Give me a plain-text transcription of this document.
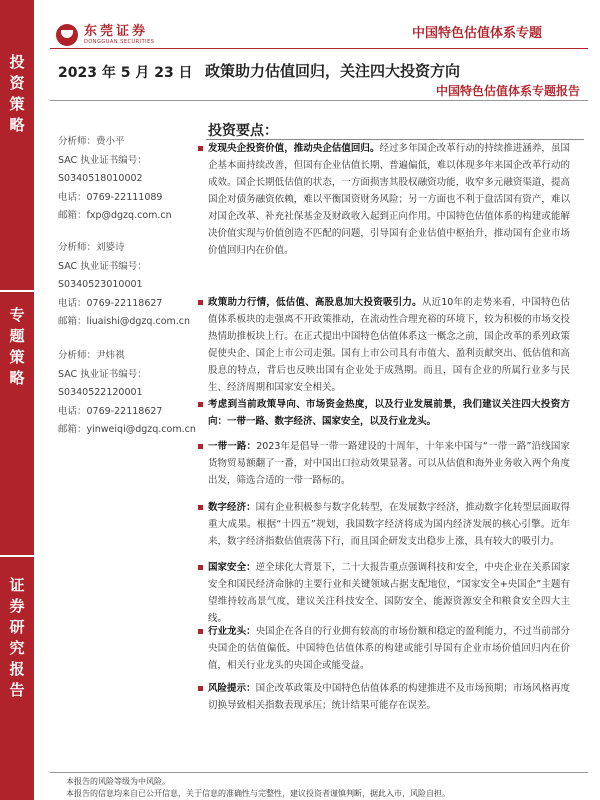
投
资
策
略
专
题
策
略
证
券
研
究
报
告
东莞证券
DONGGUAN SECURITIES
中国特色估值体系专题
2023 年 5 月 23 日 政策助力估值回归，关注四大投资方向
中国特色估值体系专题报告
分析师：费小平
SAC 执业证书编号：
S0340518010002
电话：0769-22111089
邮箱：fxp@dgzq.com.cn
分析师：刘婆诗
SAC 执业证书编号：
S0340523010001
电话：0769-22118627
邮箱：liuaishi@dgzq.com.cn
分析师：尹炜祺
SAC 执业证书编号：
S0340522120001
电话：0769-22118627
邮箱：yinweiqi@dgzq.com.cn
投资要点：
发现央企投资价值，推动央企估值回归。经过多年国企改革行动的持续推进涵养，虽国企基本面持续改善，但国有企业估值长期、普遍偏低，难以体现多年来国企改革行动的成效。国企长期低估值的状态，一方面损害其股权融资功能，收窄多元融资渠道，提高国企对债务融资依赖，难以平衡国资财务风险；另一方面也不利于盘活国有资产，难以对国企改革、补充社保基金及财政收入起到正向作用。中国特色估值体系的构建或能解决价值实现与价值创造不匹配的问题，引导国有企业估值中枢抬升，推动国有企业市场价值回归内在价值。
政策助力行情，低估值、高股息加大投资吸引力。从近10年的走势来看，中国特色估值体系板块的走强离不开政策推动，在流动性合理充裕的环境下，较为积极的市场交投热情助推板块上行。在正式提出中国特色估值体系这一概念之前，国企改革的系列政策促使央企、国企上市公司走强。国有上市公司具有市值大、盈利贡献突出、低估值和高股息的特点，背后也反映出国有企业处于成熟期。而且，国有企业的所属行业多与民生、经济周期和国家安全相关。
考虑到当前政策导向、市场资金热度，以及行业发展前景，我们建议关注四大投资方向：一带一路、数字经济、国家安全，以及行业龙头。
一带一路：2023年是倡导一带一路建设的十周年，十年来中国与“一带一路”沿线国家货物贸易额翻了一番，对中国出口拉动效果显著。可以从估值和海外业务收入两个角度出发，筛选合适的一带一路标的。
数字经济：国有企业积极参与数字化转型，在发展数字经济，推动数字化转型层面取得重大成果。根据“十四五”规划，我国数字经济将成为国内经济发展的核心引擎。近年来，数字经济指数估值震荡下行，而且国企研发支出稳步上涨，具有较大的吸引力。
国家安全：逆全球化大背景下，二十大报告重点强调科技和安全，中央企业在关系国家安全和国民经济命脉的主要行业和关键领域占据支配地位，“国家安全+央国企”主题有望维持较高景气度，建议关注科技安全、国防安全、能源资源安全和粮食安全四大主线。
行业龙头：央国企在各自的行业拥有较高的市场份额和稳定的盈利能力，不过当前部分央国企的估值偏低。中国特色估值体系的构建或能引导国有企业市场价值回归内在价值，相关行业龙头的央国企或能受益。
风险提示：国企改革政策及中国特色估值体系的构建推进不及市场预期；市场风格再度切换导致相关指数表现承压；统计结果可能存在误差。
本报告的风险等级为中风险。
本报告的信息均来自已公开信息，关于信息的准确性与完整性，建议投资者谨慎判断，据此入市，风险自担。
